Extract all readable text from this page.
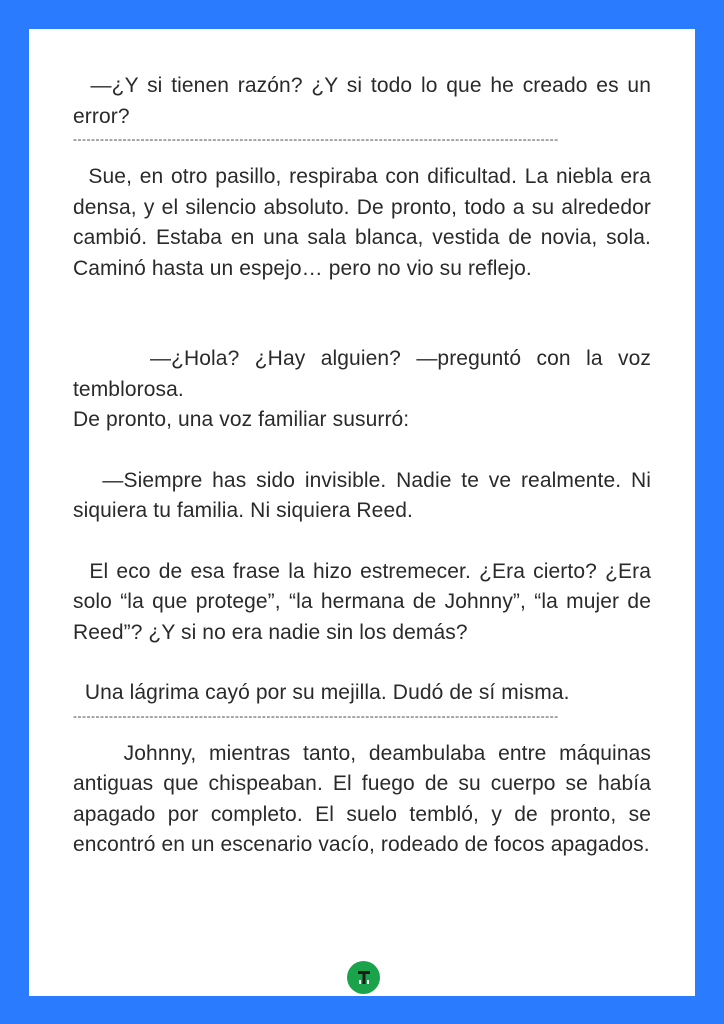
—¿Y si tienen razón? ¿Y si todo lo que he creado es un error?

------------------------------------------------------------------------------------------------------------

Sue, en otro pasillo, respiraba con dificultad. La niebla era densa, y el silencio absoluto. De pronto, todo a su alrededor cambió. Estaba en una sala blanca, vestida de novia, sola. Caminó hasta un espejo… pero no vio su reflejo.

—¿Hola? ¿Hay alguien? —preguntó con la voz temblorosa.

De pronto, una voz familiar susurró:

—Siempre has sido invisible. Nadie te ve realmente. Ni siquiera tu familia. Ni siquiera Reed.

El eco de esa frase la hizo estremecer. ¿Era cierto? ¿Era solo “la que protege”, “la hermana de Johnny”, “la mujer de Reed”? ¿Y si no era nadie sin los demás?

Una lágrima cayó por su mejilla. Dudó de sí misma.

------------------------------------------------------------------------------------------------------------

Johnny, mientras tanto, deambulaba entre máquinas antiguas que chispeaban. El fuego de su cuerpo se había apagado por completo. El suelo tembló, y de pronto, se encontró en un escenario vacío, rodeado de focos apagados.
